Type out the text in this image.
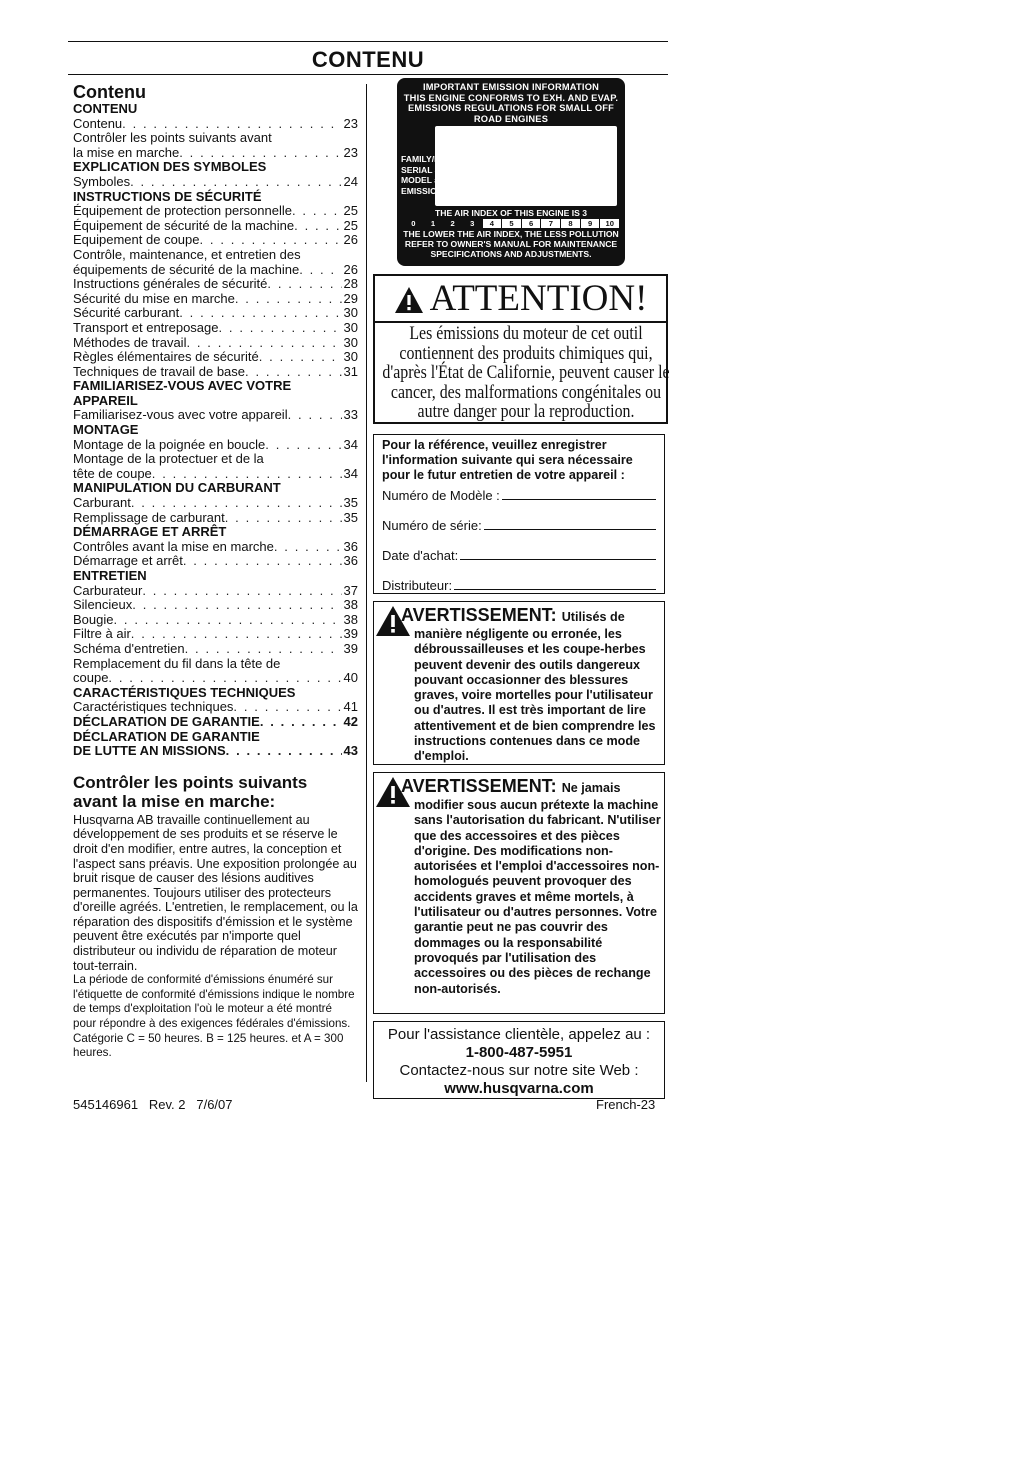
CONTENU
Contenu
CONTENU
Contenu . . .	23
Contrôler les points suivants avant
la mise en marche . . .	23
EXPLICATION DES SYMBOLES
Symboles . . .	24
INSTRUCTIONS DE SÉCURITÉ
Équipement de protection personnelle . . .	25
Équipement de sécurité de la machine . . .	25
Equipement de coupe . . .	26
Contrôle, maintenance, et entretien des
équipements de sécurité de la machine . . .	26
Instructions générales de sécurité . . .	28
Sécurité du mise en marche . . .	29
Sécurité carburant . . .	30
Transport et entreposage . . .	30
Méthodes de travail . . .	30
Règles élémentaires de sécurité . . .	30
Techniques de travail de base . . .	31
FAMILIARISEZ-VOUS AVEC VOTRE
APPAREIL
Familiarisez-vous avec votre appareil . . .	33
MONTAGE
Montage de la poignée en boucle . . .	34
Montage de la protectuer et de la
tête de coupe . . .	34
MANIPULATION DU CARBURANT
Carburant . . .	35
Remplissage de carburant . . .	35
DÉMARRAGE ET ARRÊT
Contrôles avant la mise en marche . . .	36
Démarrage et arrêt . . .	36
ENTRETIEN
Carburateur . . .	37
Silencieux . . .	38
Bougie . . .	38
Filtre à air . . .	39
Schéma d'entretien . . .	39
Remplacement du fil dans la tête de
coupe . . .	40
CARACTÉRISTIQUES TECHNIQUES
Caractéristiques techniques . . .	41
DÉCLARATION DE GARANTIE . . .	42
DÉCLARATION DE GARANTIE
DE LUTTE AN MISSIONS . . .	43
Contrôler les points suivants
avant la mise en marche:

Husqvarna AB travaille continuellement au développement de ses produits et se réserve le droit d'en modifier, entre autres, la conception et l'aspect sans préavis. Une exposition prolongée au bruit risque de causer des lésions auditives permanentes. Toujours utiliser des protecteurs d'oreille agréés. L'entretien, le remplacement, ou la réparation des dispositifs d'émission et le système peuvent être exécutés par n'importe quel distributeur ou individu de réparation de moteur tout-terrain.

La période de conformité d'émissions énuméré sur l'étiquette de conformité d'émissions indique le nombre de temps d'exploitation l'où le moteur a été montré pour répondre à des exigences fédérales d'émissions. Catégorie C = 50 heures. B = 125 heures. et A = 300 heures.

IMPORTANT EMISSION INFORMATION
THIS ENGINE CONFORMS TO EXH. AND EVAP.
EMISSIONS REGULATIONS FOR SMALL OFF
ROAD ENGINES
FAMILY/DISP
SERIAL #
MODEL #
EMISSION
THE AIR INDEX OF THIS ENGINE IS 3
0	1	2	3	4	5	6	7	8	9	10
THE LOWER THE AIR INDEX, THE LESS POLLUTION
REFER TO OWNER'S MANUAL FOR MAINTENANCE
SPECIFICATIONS AND ADJUSTMENTS.
ATTENTION!
Les émissions du moteur de cet outil contiennent des produits chimiques qui, d'après l'État de Californie, peuvent causer le cancer, des malformations congénitales ou autre danger pour la reproduction.

Pour la référence, veuillez enregistrer l'information suivante qui sera nécessaire pour le futur entretien de votre appareil :

Numéro de Modèle :
Numéro de série:
Date d'achat:
Distributeur:
AVERTISSEMENT: Utilisés de
manière négligente ou erronée, les débroussailleuses et les coupe-herbes peuvent devenir des outils dangereux pouvant occasionner des blessures graves, voire mortelles pour l'utilisateur ou d'autres. Il est très important de lire attentivement et de bien comprendre les instructions contenues dans ce mode d'emploi.
AVERTISSEMENT: Ne jamais
modifier sous aucun prétexte la machine sans l'autorisation du fabricant. N'utiliser que des accessoires et des pièces d'origine. Des modifications non-autorisées et l'emploi d'accessoires non-homologués peuvent provoquer des accidents graves et même mortels, à l'utilisateur ou d'autres personnes. Votre garantie peut ne pas couvrir des dommages ou la responsabilité provoqués par l'utilisation des accessoires ou des pièces de rechange non-autorisés.
Pour l'assistance clientèle, appelez au :
1-800-487-5951
Contactez-nous sur notre site Web :
www.husqvarna.com
545146961   Rev. 2   7/6/07	French-23
